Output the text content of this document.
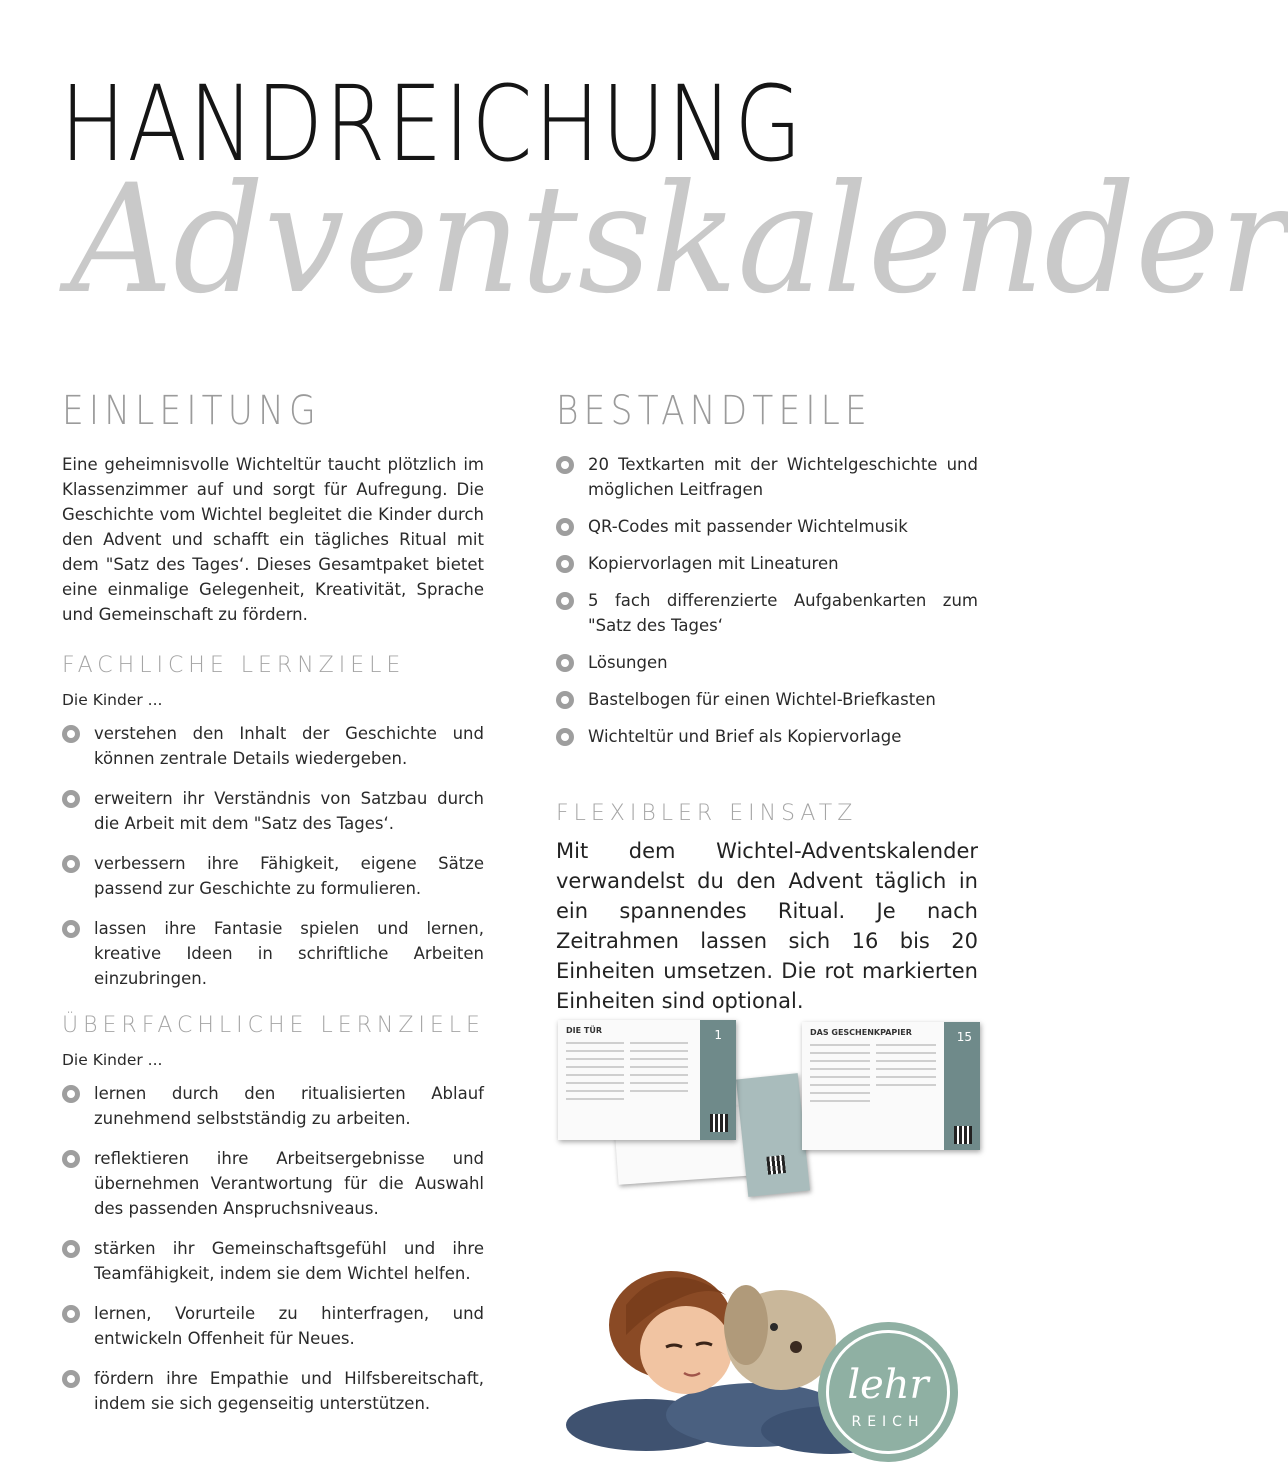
HANDREICHUNG
Adventskalender
EINLEITUNG

Eine geheimnisvolle Wichteltür taucht plötzlich im Klassenzimmer auf und sorgt für Aufregung. Die Geschichte vom Wichtel begleitet die Kinder durch den Advent und schafft ein tägliches Ritual mit dem "Satz des Tages‘. Dieses Gesamtpaket bietet eine einmalige Gelegenheit, Kreativität, Sprache und Gemeinschaft zu fördern.

FACHLICHE LERNZIELE

Die Kinder ...

verstehen den Inhalt der Geschichte und können zentrale Details wiedergeben.
erweitern ihr Verständnis von Satzbau durch die Arbeit mit dem "Satz des Tages‘.
verbessern ihre Fähigkeit, eigene Sätze passend zur Geschichte zu formulieren.
lassen ihre Fantasie spielen und lernen, kreative Ideen in schriftliche Arbeiten einzubringen.
ÜBERFACHLICHE LERNZIELE

Die Kinder ...

lernen durch den ritualisierten Ablauf zunehmend selbstständig zu arbeiten.
reflektieren ihre Arbeitsergebnisse und übernehmen Verantwortung für die Auswahl des passenden Anspruchsniveaus.
stärken ihr Gemeinschaftsgefühl und ihre Teamfähigkeit, indem sie dem Wichtel helfen.
lernen, Vorurteile zu hinterfragen, und entwickeln Offenheit für Neues.
fördern ihre Empathie und Hilfsbereitschaft, indem sie sich gegenseitig unterstützen.
BESTANDTEILE
20 Textkarten mit der Wichtelgeschichte und möglichen Leitfragen
QR-Codes mit passender Wichtelmusik
Kopiervorlagen mit Lineaturen
5 fach differenzierte Aufgabenkarten zum "Satz des Tages‘
Lösungen
Bastelbogen für einen Wichtel-Briefkasten
Wichteltür und Brief als Kopiervorlage
FLEXIBLER EINSATZ

Mit dem Wichtel-Adventskalender verwandelst du den Advent täglich in ein spannendes Ritual. Je nach Zeitrahmen lassen sich 16 bis 20 Einheiten umsetzen. Die rot markierten Einheiten sind optional.

DIE TÜR	1	DAS GESCHENKPAPIER	15
lehr
REICH
